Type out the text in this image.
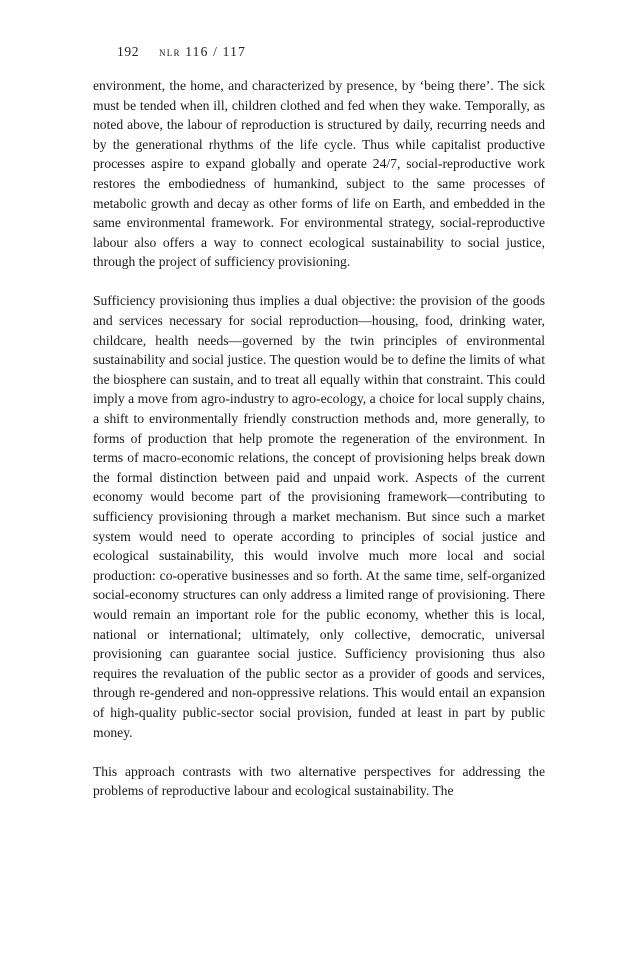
192 nlr 116 / 117

environment, the home, and characterized by presence, by ‘being there’. The sick must be tended when ill, children clothed and fed when they wake. Temporally, as noted above, the labour of reproduction is structured by daily, recurring needs and by the generational rhythms of the life cycle. Thus while capitalist productive processes aspire to expand globally and operate 24/7, social-reproductive work restores the embodiedness of humankind, subject to the same processes of metabolic growth and decay as other forms of life on Earth, and embedded in the same environmental framework. For environmental strategy, social-reproductive labour also offers a way to connect ecological sustainability to social justice, through the project of sufficiency provisioning.

Sufficiency provisioning thus implies a dual objective: the provision of the goods and services necessary for social reproduction—housing, food, drinking water, childcare, health needs—governed by the twin principles of environmental sustainability and social justice. The question would be to define the limits of what the biosphere can sustain, and to treat all equally within that constraint. This could imply a move from agro-industry to agro-ecology, a choice for local supply chains, a shift to environmentally friendly construction methods and, more generally, to forms of production that help promote the regeneration of the environment. In terms of macro-economic relations, the concept of provisioning helps break down the formal distinction between paid and unpaid work. Aspects of the current economy would become part of the provisioning framework—contributing to sufficiency provisioning through a market mechanism. But since such a market system would need to operate according to principles of social justice and ecological sustainability, this would involve much more local and social production: co-operative businesses and so forth. At the same time, self-organized social-economy structures can only address a limited range of provisioning. There would remain an important role for the public economy, whether this is local, national or international; ultimately, only collective, democratic, universal provisioning can guarantee social justice. Sufficiency provisioning thus also requires the revaluation of the public sector as a provider of goods and services, through re-gendered and non-oppressive relations. This would entail an expansion of high-quality public-sector social provision, funded at least in part by public money.

This approach contrasts with two alternative perspectives for addressing the problems of reproductive labour and ecological sustainability. The
